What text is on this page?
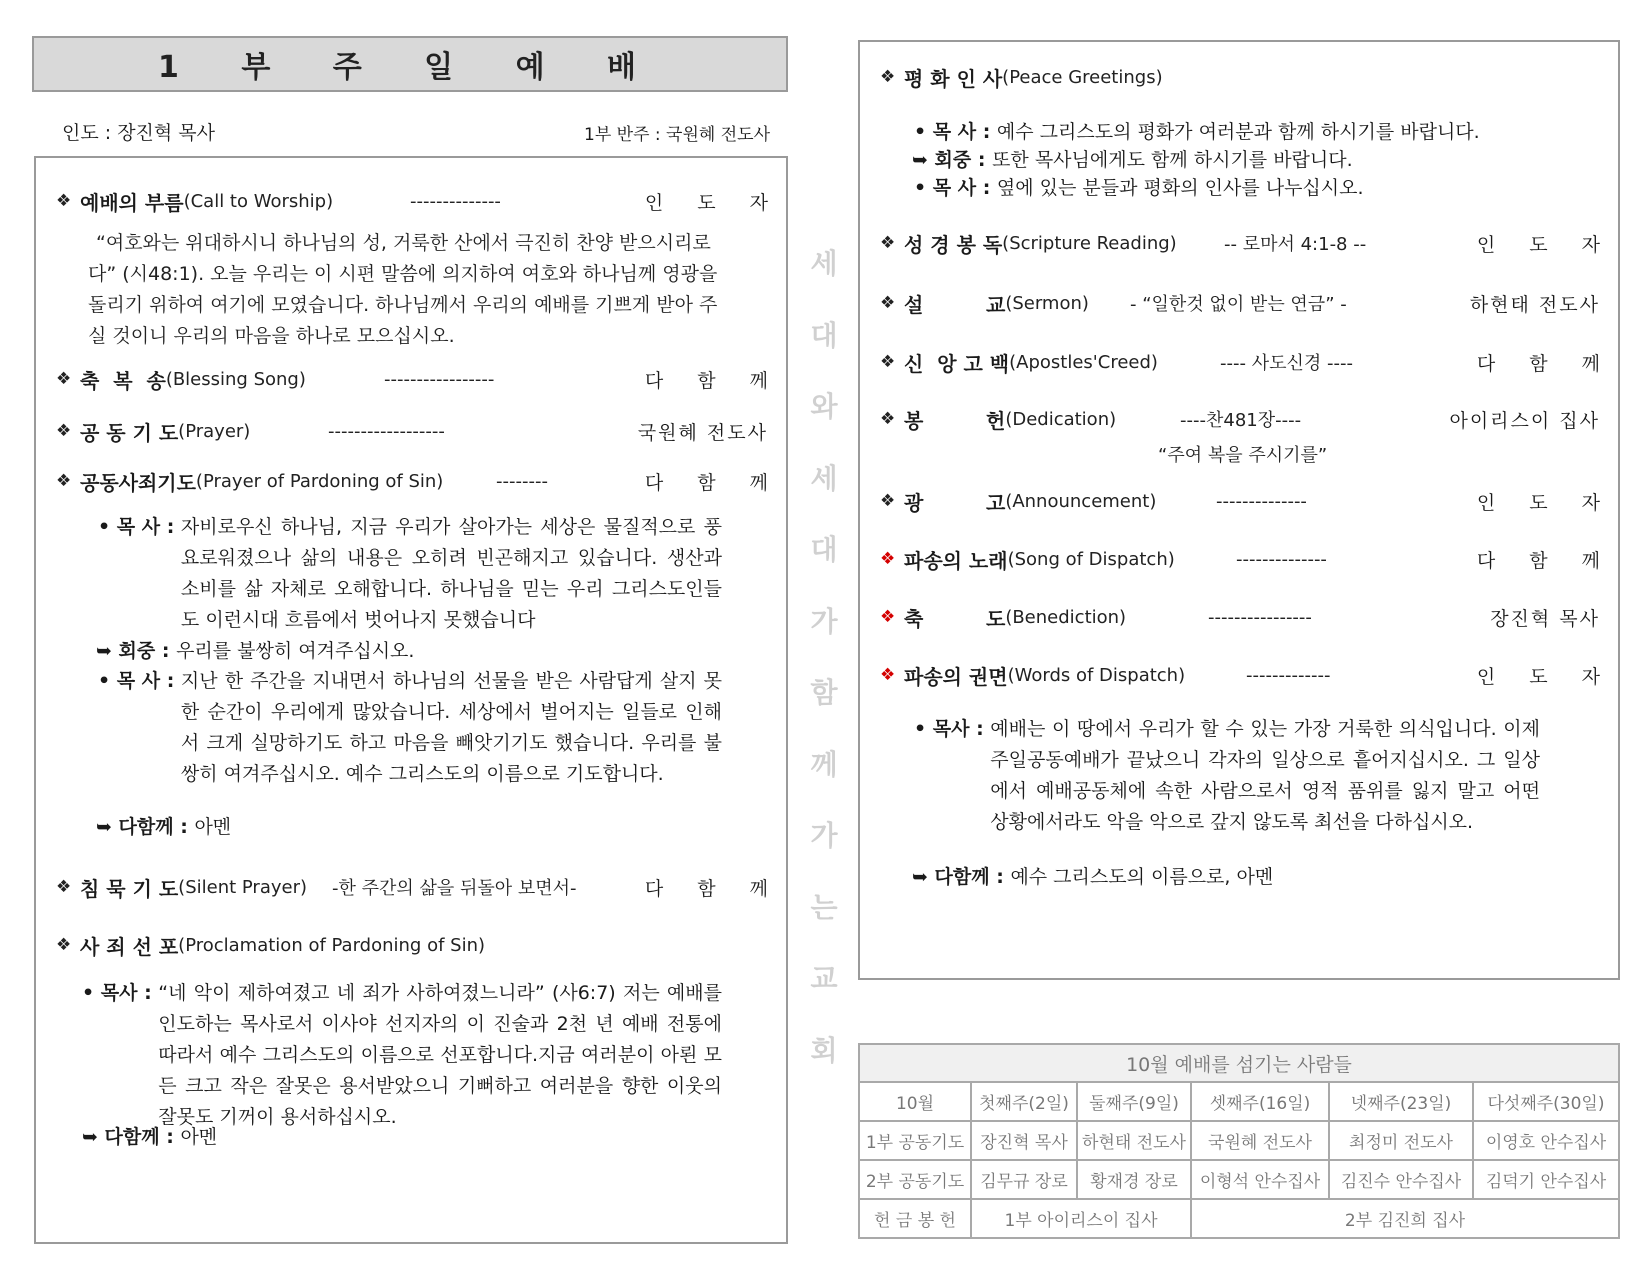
1 부 주 일 예 배
인도 : 장진혁 목사	1부 반주 : 국원혜 전도사
❖ 예배의 부름 (Call to Worship)	--------------	인 도 자
“여호와는 위대하시니 하나님의 성, 거룩한 산에서 극진히 찬양 받으시리로다” (시48:1). 오늘 우리는 이 시편 말씀에 의지하여 여호와 하나님께 영광을 돌리기 위하여 여기에 모였습니다. 하나님께서 우리의 예배를 기쁘게 받아 주실 것이니 우리의 마음을 하나로 모으십시오.
❖ 축  복  송 (Blessing Song)	-----------------	다 함 께
❖ 공 동 기 도 (Prayer)	------------------	국원혜 전도사
❖ 공동사죄기도 (Prayer of Pardoning of Sin)	--------	다 함 께
• 목 사 : 자비로우신 하나님, 지금 우리가 살아가는 세상은 물질적으로 풍요로워졌으나 삶의 내용은 오히려 빈곤해지고 있습니다. 생산과 소비를 삶 자체로 오해합니다. 하나님을 믿는 우리 그리스도인들도 이런시대 흐름에서 벗어나지 못했습니다
➥ 회중 : 우리를 불쌍히 여겨주십시오.
• 목 사 : 지난 한 주간을 지내면서 하나님의 선물을 받은 사람답게 살지 못한 순간이 우리에게 많았습니다. 세상에서 벌어지는 일들로 인해서 크게 실망하기도 하고 마음을 빼앗기기도 했습니다. 우리를 불쌍히 여겨주십시오. 예수 그리스도의 이름으로 기도합니다.
➥ 다함께 : 아멘
❖ 침 묵 기 도 (Silent Prayer) -한 주간의 삶을 뒤돌아 보면서-	다 함 께
❖ 사 죄 선 포 (Proclamation of Pardoning of Sin)
• 목사 : “네 악이 제하여졌고 네 죄가 사하여졌느니라” (사6:7) 저는 예배를 인도하는 목사로서 이사야 선지자의 이 진술과 2천 년 예배 전통에 따라서 예수 그리스도의 이름으로 선포합니다.지금 여러분이 아뢴 모든 크고 작은 잘못은 용서받았으니 기뻐하고 여러분을 향한 이웃의 잘못도 기꺼이 용서하십시오.
➥ 다함께 : 아멘
세
대
와
세
대
가
함
께
가
는
교
회
❖ 평 화 인 사 (Peace Greetings)
• 목 사 : 예수 그리스도의 평화가 여러분과 함께 하시기를 바랍니다.
➥ 회중 : 또한 목사님에게도 함께 하시기를 바랍니다.
• 목 사 : 옆에 있는 분들과 평화의 인사를 나누십시오.
❖ 성 경 봉 독 (Scripture Reading)	-- 로마서 4:1-8 --	인 도 자
❖ 설         교 (Sermon) - “일한것 없이 받는 연금” -	하현태 전도사
❖ 신  앙 고 백 (Apostles'Creed)	---- 사도신경 ----	다 함 께
❖ 봉         헌 (Dedication)	----찬481장----	아이리스이 집사
“주여 복을 주시기를”
❖ 광         고 (Announcement)	--------------	인 도 자
❖ 파송의 노래 (Song of Dispatch)	--------------	다 함 께
❖ 축         도 (Benediction)	----------------	장진혁 목사
❖ 파송의 권면 (Words of Dispatch)	-------------	인 도 자
• 목사 : 예배는 이 땅에서 우리가 할 수 있는 가장 거룩한 의식입니다. 이제 주일공동예배가 끝났으니 각자의 일상으로 흩어지십시오. 그 일상에서 예배공동체에 속한 사람으로서 영적 품위를 잃지 말고 어떤 상황에서라도 악을 악으로 갚지 않도록 최선을 다하십시오.
➥ 다함께 : 예수 그리스도의 이름으로, 아멘
10월 예배를 섬기는 사람들					
10월	첫째주(2일)	둘째주(9일)	셋째주(16일)	넷째주(23일)	다섯째주(30일)
1부 공동기도	장진혁 목사	하현태 전도사	국원혜 전도사	최정미 전도사	이영호 안수집사
2부 공동기도	김무규 장로	황재경 장로	이형석 안수집사	김진수 안수집사	김덕기 안수집사
헌 금 봉 헌	1부 아이리스이 집사		2부 김진희 집사		
